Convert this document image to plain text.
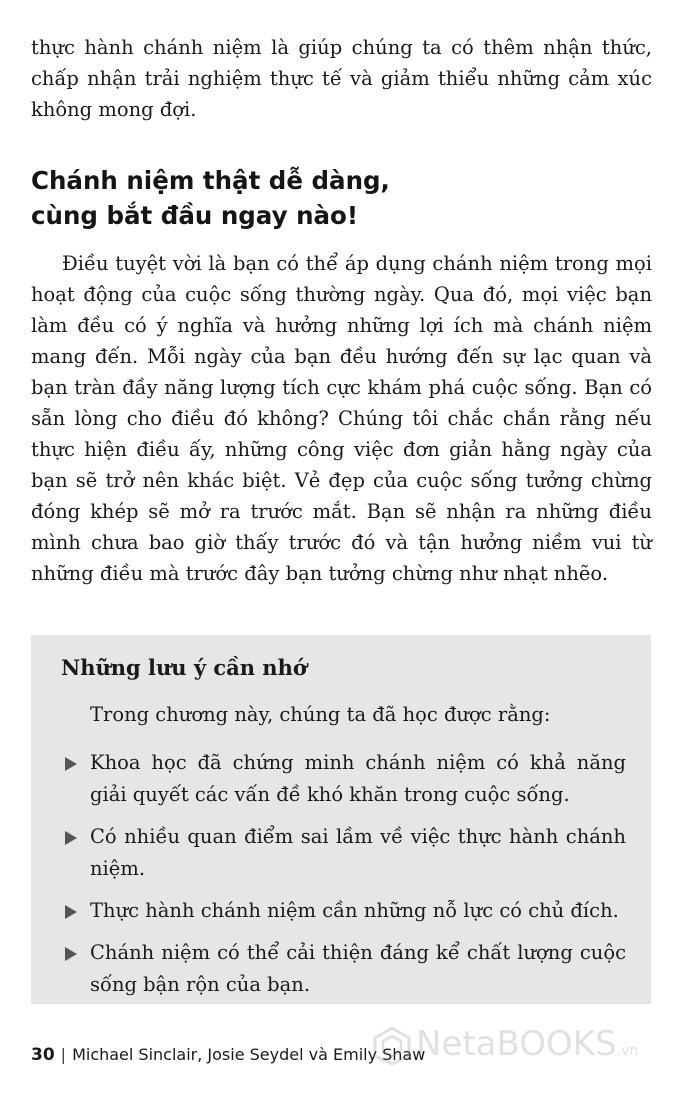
thực hành chánh niệm là giúp chúng ta có thêm nhận thức, chấp nhận trải nghiệm thực tế và giảm thiểu những cảm xúc không mong đợi.

Chánh niệm thật dễ dàng,
cùng bắt đầu ngay nào!

Điều tuyệt vời là bạn có thể áp dụng chánh niệm trong mọi hoạt động của cuộc sống thường ngày. Qua đó, mọi việc bạn làm đều có ý nghĩa và hưởng những lợi ích mà chánh niệm mang đến. Mỗi ngày của bạn đều hướng đến sự lạc quan và bạn tràn đầy năng lượng tích cực khám phá cuộc sống. Bạn có sẵn lòng cho điều đó không? Chúng tôi chắc chắn rằng nếu thực hiện điều ấy, những công việc đơn giản hằng ngày của bạn sẽ trở nên khác biệt. Vẻ đẹp của cuộc sống tưởng chừng đóng khép sẽ mở ra trước mắt. Bạn sẽ nhận ra những điều mình chưa bao giờ thấy trước đó và tận hưởng niềm vui từ những điều mà trước đây bạn tưởng chừng như nhạt nhẽo.

Những lưu ý cần nhớ

Trong chương này, chúng ta đã học được rằng:

Khoa học đã chứng minh chánh niệm có khả năng giải quyết các vấn đề khó khăn trong cuộc sống.
Có nhiều quan điểm sai lầm về việc thực hành chánh niệm.
Thực hành chánh niệm cần những nỗ lực có chủ đích.
Chánh niệm có thể cải thiện đáng kể chất lượng cuộc sống bận rộn của bạn.

30 | Michael Sinclair, Josie Seydel và Emily Shaw

NetaBOOKS.vn
